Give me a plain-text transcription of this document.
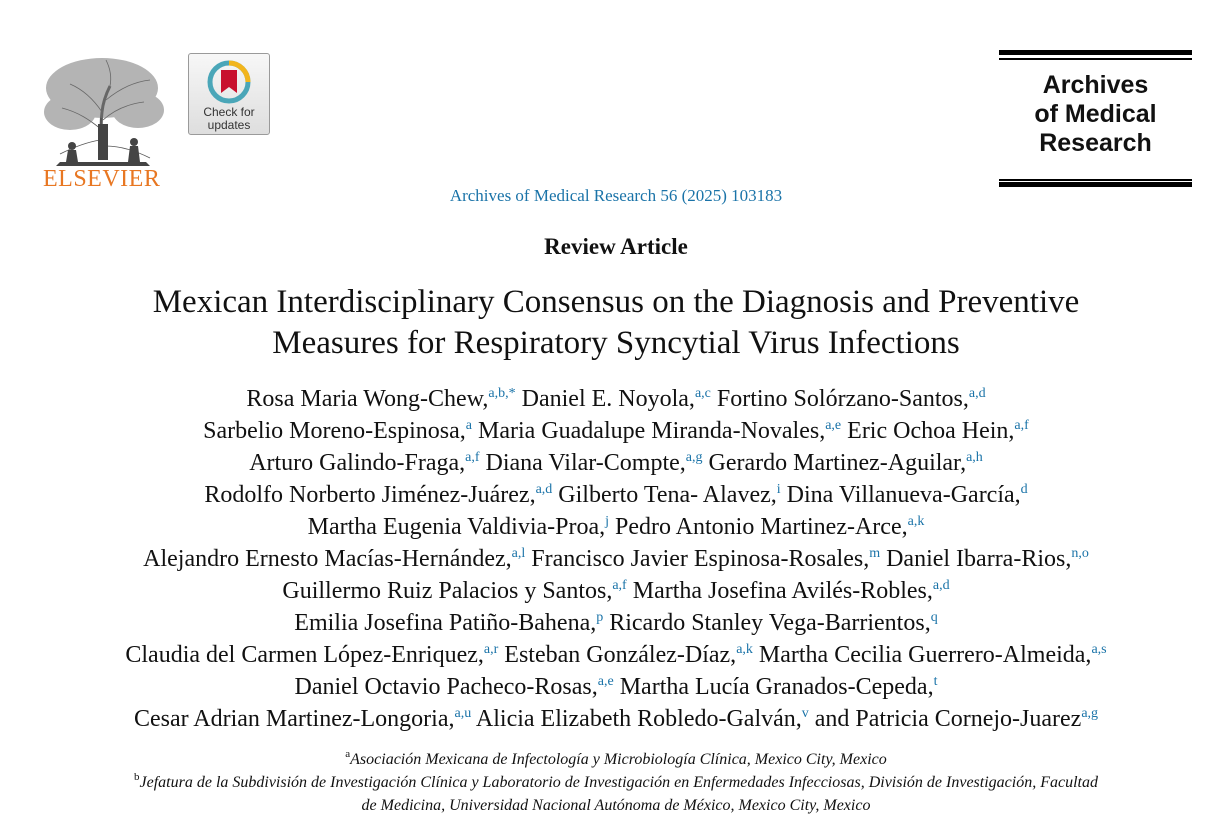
ELSEVIER
Check for
updates
Archives
of Medical
Research
Archives of Medical Research 56 (2025) 103183
Review Article
Mexican Interdisciplinary Consensus on the Diagnosis and Preventive
Measures for Respiratory Syncytial Virus Infections
Rosa Maria Wong-Chew,$^{a,b,*}$ Daniel E. Noyola,$^{a,c}$ Fortino Solórzano-Santos,$^{a,d}$
Sarbelio Moreno-Espinosa,$^a$ Maria Guadalupe Miranda-Novales,$^{a,e}$ Eric Ochoa Hein,$^{a,f}$
Arturo Galindo-Fraga,$^{a,f}$ Diana Vilar-Compte,$^{a,g}$ Gerardo Martinez-Aguilar,$^{a,h}$
Rodolfo Norberto Jiménez-Juárez,$^{a,d}$ Gilberto Tena- Alavez,$^i$ Dina Villanueva-García,$^d$
Martha Eugenia Valdivia-Proa,$^j$ Pedro Antonio Martinez-Arce,$^{a,k}$
Alejandro Ernesto Macías-Hernández,$^{a,l}$ Francisco Javier Espinosa-Rosales,$^m$ Daniel Ibarra-Rios,$^{n,o}$
Guillermo Ruiz Palacios y Santos,$^{a,f}$ Martha Josefina Avilés-Robles,$^{a,d}$
Emilia Josefina Patiño-Bahena,$^p$ Ricardo Stanley Vega-Barrientos,$^q$
Claudia del Carmen López-Enriquez,$^{a,r}$ Esteban González-Díaz,$^{a,k}$ Martha Cecilia Guerrero-Almeida,$^{a,s}$
Daniel Octavio Pacheco-Rosas,$^{a,e}$ Martha Lucía Granados-Cepeda,$^t$
Cesar Adrian Martinez-Longoria,$^{a,u}$ Alicia Elizabeth Robledo-Galván,$^v$ and Patricia Cornejo-Juarez$^{a,g}$
$^a$Asociación Mexicana de Infectología y Microbiología Clínica, Mexico City, Mexico
$^b$Jefatura de la Subdivisión de Investigación Clínica y Laboratorio de Investigación en Enfermedades Infecciosas, División de Investigación, Facultad
de Medicina, Universidad Nacional Autónoma de México, Mexico City, Mexico
